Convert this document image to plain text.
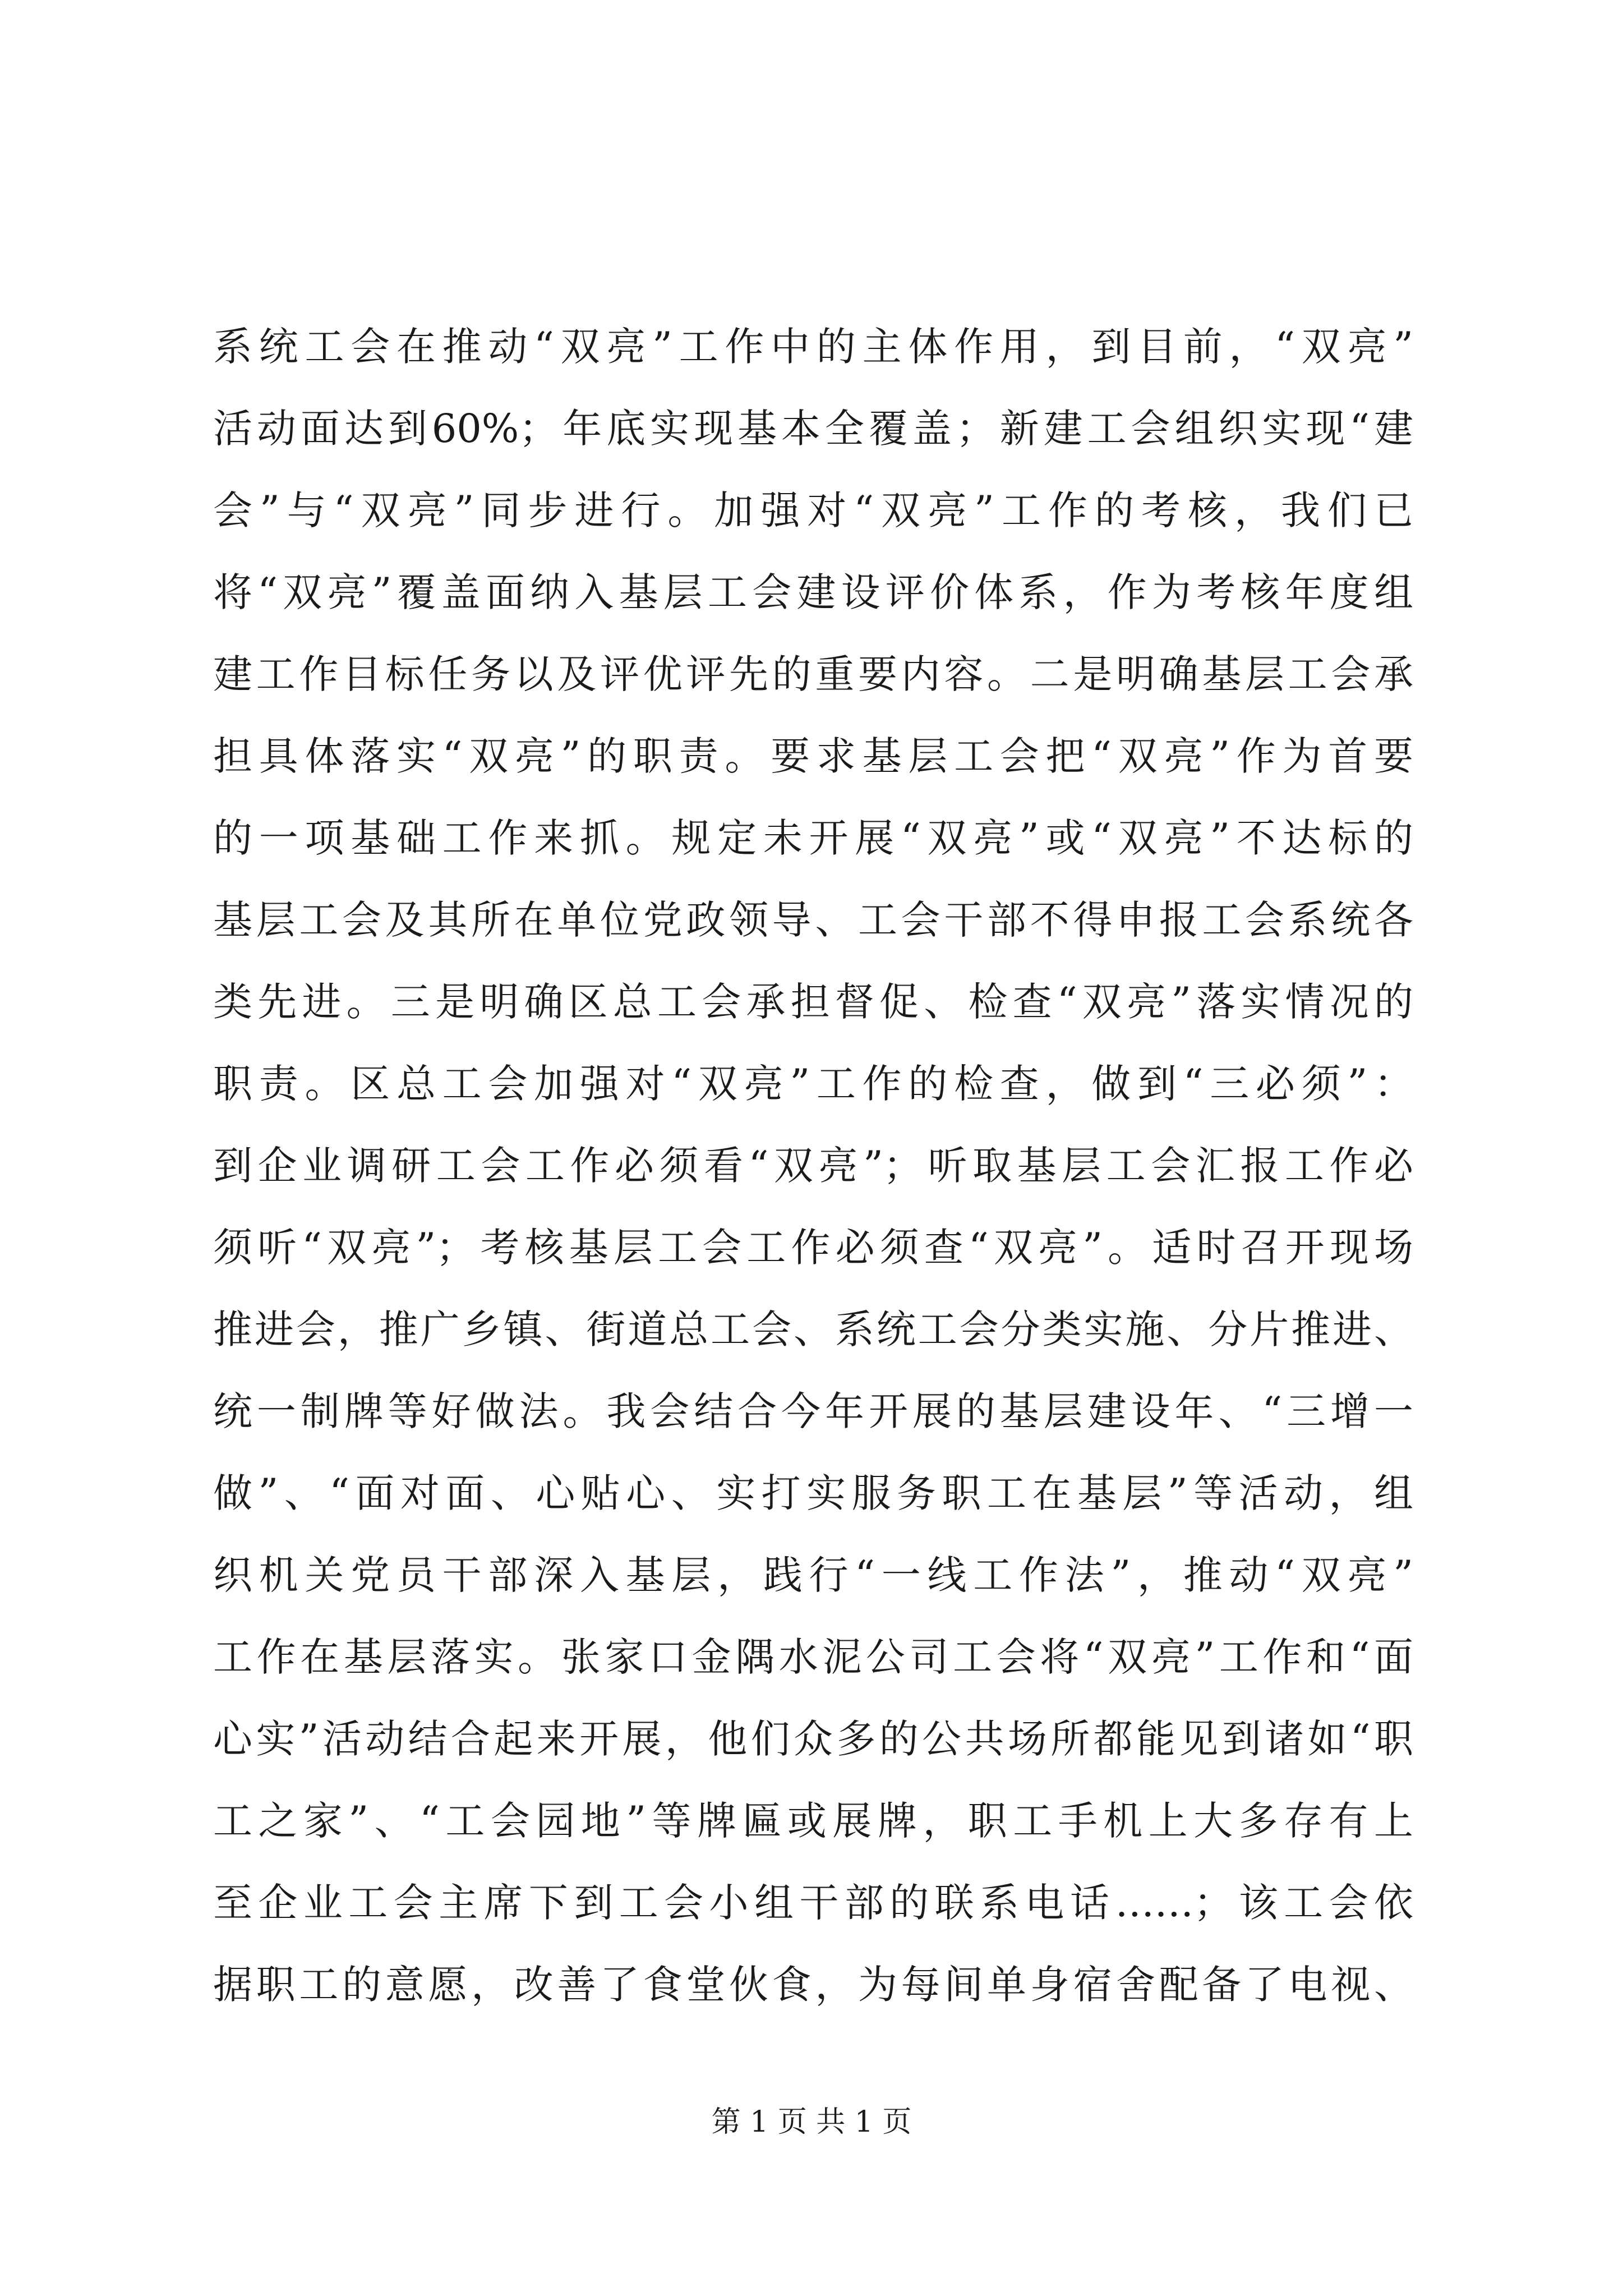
系统工会在推动“双亮”工作中的主体作用，到目前，“双亮”
活动面达到60%；年底实现基本全覆盖；新建工会组织实现“建
会”与“双亮”同步进行。加强对“双亮”工作的考核，我们已
将“双亮”覆盖面纳入基层工会建设评价体系，作为考核年度组
建工作目标任务以及评优评先的重要内容。二是明确基层工会承
担具体落实“双亮”的职责。要求基层工会把“双亮”作为首要
的一项基础工作来抓。规定未开展“双亮”或“双亮”不达标的
基层工会及其所在单位党政领导、工会干部不得申报工会系统各
类先进。三是明确区总工会承担督促、检查“双亮”落实情况的
职责。区总工会加强对“双亮”工作的检查，做到“三必须”：
到企业调研工会工作必须看“双亮”；听取基层工会汇报工作必
须听“双亮”；考核基层工会工作必须查“双亮”。适时召开现场
推进会，推广乡镇、街道总工会、系统工会分类实施、分片推进、
统一制牌等好做法。我会结合今年开展的基层建设年、“三增一
做”、“面对面、心贴心、实打实服务职工在基层”等活动，组
织机关党员干部深入基层，践行“一线工作法”，推动“双亮”
工作在基层落实。张家口金隅水泥公司工会将“双亮”工作和“面
心实”活动结合起来开展，他们众多的公共场所都能见到诸如“职
工之家”、“工会园地”等牌匾或展牌，职工手机上大多存有上
至企业工会主席下到工会小组干部的联系电话……；该工会依
据职工的意愿，改善了食堂伙食，为每间单身宿舍配备了电视、
第 1 页 共 1 页
